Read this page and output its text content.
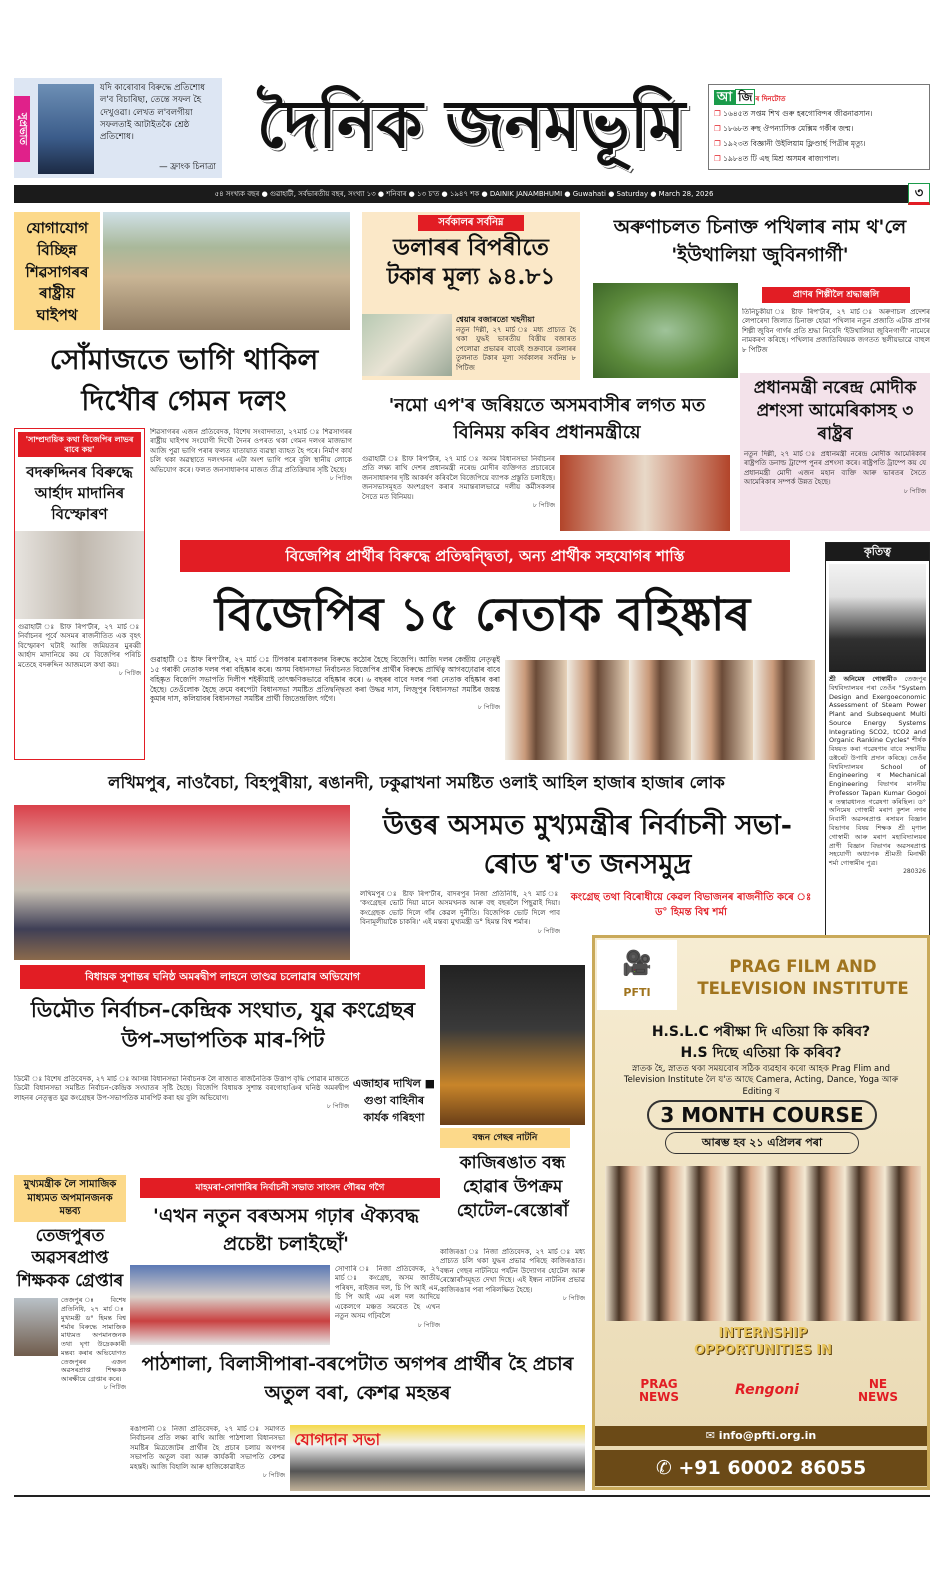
সুপ্ৰভাত
যদি কাৰোবাৰ বিৰুদ্ধে প্ৰতিশোধ ল'ব বিচাৰিছা, তেন্তে সফল হৈ দেখুওৱা। লেখত ল'বলগীয়া সফলতাই আটাইতকৈ শ্ৰেষ্ঠ প্ৰতিশোধ।
— ফ্ৰাংক চিনাত্ৰা
দৈনিক জনমভূমি	আ জি ৰ দিনটোত
❐ ১৬৪৫ত সপ্তম শিখ গুৰু হৰগোবিন্দৰ জীৱনাৱসান।
❐ ১৮৬৮ত ৰুছ ঔপন্যাসিক মেক্সিম গৰ্কীৰ জন্ম।
❐ ১৯২৩ত বিজ্ঞানী উইলিয়াম ফ্লিণ্ডাৰ্ছ পিত্ৰীৰ মৃত্যু।
❐ ১৯৮৪ত টি এছ মিশ্ৰ অসমৰ ৰাজ্যপাল।
৫৪ সংখ্যক বছৰ ● গুৱাহাটী, সৰ্বভাৰতীয় বছৰ, সংখ্যা ১৩ ● শনিবাৰ ● ১৩ চ'ত ● ১৯৪৭ শক ● DAINIK JANAMBHUMI ● Guwahati ● Saturday ● March 28, 2026	৩
যোগাযোগ বিচ্ছিন্ন শিৱসাগৰৰ ৰাষ্ট্ৰীয় ঘাইপথ
সৰ্বকালৰ সৰ্বনিম্ন
ডলাৰৰ বিপৰীতে টকাৰ মূল্য ৯৪.৮১
শ্বেয়াৰ বজাৰতো খহনীয়া
নতুন দিল্লী, ২৭ মাৰ্চ ঃ মধ্য প্ৰাচ্যত হৈ থকা যুদ্ধই ভাৰতীয় বিত্তীয় বজাৰত পেলোৱা প্ৰভাৱৰ বাবেই শুক্ৰবাৰে ডলাৰৰ তুলনাত টকাৰ মূল্য সৰ্বকালৰ সৰ্বনিম্ন ৮ পিটিজ
অৰুণাচলত চিনাক্ত পখিলাৰ নাম থ'লে 'ইউথালিয়া জুবিনগাৰ্গী'
প্ৰাণৰ শিল্পীলৈ শ্ৰদ্ধাঞ্জলি
তিনিচুকীয়া ঃ ষ্টাফ ৰিপ'ৰ্টাৰ, ২৭ মাৰ্চ ঃ অৰুণাচল প্ৰদেশৰ লেপাৰেদা জিলাত চিনাক্ত হোৱা পখিলাৰ নতুন প্ৰজাতি এটাক প্ৰাণৰ শিল্পী জুবিন গাৰ্গৰ প্ৰতি শ্ৰদ্ধা নিবেদি 'ইউথালিয়া জুবিনগাৰ্গী' নামেৰে নামকৰণ কৰিছে। পখিলাৰ প্ৰজাতিবিষয়ক জগতত স্থলীয়ভাৱে বাহুল ৮ পিটিজ
সোঁমাজতে ভাগি থাকিল দিখৌৰ গেমন দলং
শিৱসাগৰৰ এজন প্ৰতিবেদক, বিশেষ সংবাদদাতা, ২৭মাৰ্চ ঃ শিৱসাগৰৰ ৰাষ্ট্ৰীয় ঘাইপথ সংযোগী দিখৌ দৈনৰ ওপৰত থকা গেমন দলংৰ মাজভাগ আজি পুৱা ভাগি পৰাৰ ফলত যাতায়াত ব্যৱস্থা ব্যাহত হৈ পৰে। নিৰ্মাণ কাৰ্য চলি থকা অৱস্থাতে দলংখনৰ এটা অংশ ভাগি পৰে বুলি স্থানীয় লোকে অভিযোগ কৰে। ফলত জনসাধাৰণৰ মাজত তীব্ৰ প্ৰতিক্ৰিয়াৰ সৃষ্টি হৈছে।
৮ পিটিজ
'সাম্প্ৰদায়িক কথা বিজেপিৰ লাভৰ বাবে কয়'
বদৰুদ্দিনৰ বিৰুদ্ধে আৰ্হাদ মাদানিৰ বিস্ফোৰণ
গুৱাহাটী ঃ ষ্টাফ ৰিপ'ৰ্টাৰ, ২৭ মাৰ্চ ঃ নিৰ্বাচনৰ পূৰ্বে অসমৰ ৰাজনীতিত এক বৃহৎ বিস্ফোৰণ ঘটাই আজি জমিয়তৰ মুৰব্বী আৰ্হাদ মাদানিয়ে কয় যে বিজেপিৰ পৰিচি মতেহে বদৰুদ্দিন আজমলে কথা কয়।
৮ পিটিজ
'নমো এপ'ৰ জৰিয়তে অসমবাসীৰ লগত মত বিনিময় কৰিব প্ৰধানমন্ত্ৰীয়ে
গুৱাহাটী ঃ ষ্টাফ ৰিপ'ৰ্টাৰ, ২৭ মাৰ্চ ঃ অসম বিধানসভা নিৰ্বাচনৰ প্ৰতি লক্ষ্য ৰাখি দেশৰ প্ৰধানমন্ত্ৰী নৰেন্দ্ৰ মোদীৰ ব্যক্তিগত প্ৰচাৰেৰে জনসাধাৰণৰ দৃষ্টি আকৰ্ষণ কৰিবলৈ বিজেপিয়ে ব্যাপক প্ৰস্তুতি চলাইছে। জনসভাসমূহত অংশগ্ৰহণ কৰাৰ সমান্তৰালভাৱে দলীয় কৰ্মীসকলৰ সৈতে মত বিনিময়।
৮ পিটিজ
প্ৰধানমন্ত্ৰী নৰেন্দ্ৰ মোদীক প্ৰশংসা আমেৰিকাসহ ৩ ৰাষ্ট্ৰৰ
নতুন দিল্লী, ২৭ মাৰ্চ ঃ প্ৰধানমন্ত্ৰী নৰেন্দ্ৰ মোদীক আমেৰিকাৰ ৰাষ্ট্ৰপতি ডনাল্ড ট্ৰাম্পে পুনৰ প্ৰশংসা কৰে। ৰাষ্ট্ৰপতি ট্ৰাম্পে কয় যে প্ৰধানমন্ত্ৰী মোদী এজন মহান ব্যক্তি আৰু ভাৰতৰ সৈতে আমেৰিকাৰ সম্পৰ্ক উন্নত হৈছে।
৮ পিটিজ
বিজেপিৰ প্ৰাৰ্থীৰ বিৰুদ্ধে প্ৰতিদ্বন্দ্বিতা, অন্য প্ৰাৰ্থীক সহযোগৰ শাস্তি
বিজেপিৰ ১৫ নেতাক বহিষ্কাৰ
গুৱাহাটী ঃ ষ্টাফ ৰিপ'ৰ্টাৰ, ২৭ মাৰ্চ ঃ টিপকাৰ মৰাসকলৰ বিৰুদ্ধে কঠোৰ হৈছে বিজেপি। আজি দলৰ কেন্দ্ৰীয় নেতৃত্বই ১৫ গৰাকী নেতাক দলৰ পৰা বহিষ্কাৰ কৰে। অসম বিধানসভা নিৰ্বাচনত বিজেপিৰ প্ৰাৰ্থীৰ বিৰুদ্ধে প্ৰাৰ্থিত্ব আগবঢ়োৱাৰ বাবে বহিষ্কৃত বিজেপি সভাপতি দিলীপ শইকীয়াই তাৎক্ষণিকভাৱে বহিষ্কাৰ কৰে। ৬ বছৰৰ বাবে দলৰ পৰা নেতাক বহিষ্কাৰ কৰা হৈছে। তেওঁলোক হৈছে ক্ৰমে বৰপেটা বিধানসভা সমষ্টিত প্ৰতিদ্বন্দ্বিতা কৰা উদ্ধৱ দাস, লিজুপুৰ বিধানসভা সমষ্টিৰ জয়ন্ত কুমাৰ দাস, কলিয়াবৰ বিধানসভা সমষ্টিৰ প্ৰাৰ্থী জিতেন্দ্ৰজিৎ গগৈ।
৮ পিটিজ
কৃতিত্ব
শ্ৰী অনিমেষ গোস্বামীক তেজপুৰ বিশ্ববিদ্যালয়ৰ পৰা তেওঁৰ "System Design and Exergoeconomic Assessment of Steam Power Plant and Subsequent Multi Source Energy Systems Integrating SCO2, tCO2 and Organic Rankine Cycles" শীৰ্ষক বিষয়ত কৰা গৱেষণাৰ বাবে সন্মানীয় ডক্টৰেট উপাধি প্ৰদান কৰিছে। তেওঁৰ বিশ্ববিদ্যালয়ৰ School of Engineering ৰ Mechanical Engineering বিভাগৰ মাননীয় Professor Tapan Kumar Gogoi ৰ তত্বাৱধানত গৱেষণা কৰিছিল। ড° অনিমেষ গোস্বামী মৰাণ কুশল নগৰ নিবাসী অৱসৰপ্ৰাপ্ত ৰসায়ন বিজ্ঞান বিভাগৰ বিষয় শিক্ষক শ্ৰী মৃণাল গোস্বামী আৰু মৰাণ মহাবিদ্যালয়ৰ প্ৰাণী বিজ্ঞান বিভাগৰ অৱসৰপ্ৰাপ্ত সহযোগী অধ্যাপক শ্ৰীমতী মিনাক্ষী শৰ্মা গোস্বামীৰ পুত্ৰ।
280326
লখিমপুৰ, নাওবৈচা, বিহপুৰীয়া, ৰঙানদী, ঢকুৱাখনা সমষ্টিত ওলাই আহিল হাজাৰ হাজাৰ লোক
উত্তৰ অসমত মুখ্যমন্ত্ৰীৰ নিৰ্বাচনী সভা-ৰোড শ্ব'ত জনসমুদ্ৰ
লখিমপুৰ ঃ ষ্টাফ ৰিপ'ৰ্টাৰ, বাদৰপুৰ নিজা প্ৰতিনিধি, ২৭ মাৰ্চ ঃ 'কংগ্ৰেছৰ ভোট দিয়া মানে অসমখনক আৰু বহু বছৰলৈ পিছুৱাই দিয়া। কংগ্ৰেছক ভোট দিলে গাঁৰ কেৱল দুৰ্নীতি। বিজেপিক ভোট দিলে পাব বিনামূলীয়াকৈ চাকৰি।' এই মন্তব্য মুখ্যমন্ত্ৰী ড° হিমন্ত বিশ্ব শৰ্মাৰ।
৮ পিটিজ
কংগ্ৰেছ তথা বিৰোধীয়ে কেৱল বিভাজনৰ ৰাজনীতি কৰে ঃ ড° হিমন্ত বিশ্ব শৰ্মা
বিধায়ক সুশান্তৰ ঘনিষ্ঠ অমৰদ্বীপ লাহনে তাণ্ডৱ চলোৱাৰ অভিযোগ
ডিমৌত নিৰ্বাচন-কেন্দ্ৰিক সংঘাত, যুৱ কংগ্ৰেছৰ উপ-সভাপতিক মাৰ-পিট
ডিমৌ ঃ বিশেষ প্ৰতিবেদক, ২৭ মাৰ্চ ঃ আসন্ন বিধানসভা নিৰ্বাচনক লৈ ৰাজ্যত ৰাজনৈতিক উত্তাপ বৃদ্ধি পোৱাৰ মাজতে ডিমৌ বিধানসভা সমষ্টিত নিৰ্বাচন-কেন্দ্ৰিক সংঘাতৰ সৃষ্টি হৈছে। বিজেপি বিধায়ক সুশান্ত বৰগোহাঞিৰ ঘনিষ্ঠ অমৰদ্বীপ লাহনৰ নেতৃত্বত যুৱ কংগ্ৰেছৰ উপ-সভাপতিক মাৰপিট কৰা হয় বুলি অভিযোগ।
৮ পিটিজ
এজাহাৰ দাখিল ■ গুণ্ডা বাহিনীৰ কাৰ্যক গৰিহণা
বন্ধন গেছৰ নাটনি
কাজিৰঙাত বন্ধ হোৱাৰ উপক্ৰম হোটেল-ৰেস্তোৰাঁ
কাজিৰঙা ঃ নিজা প্ৰতিবেদক, ২৭ মাৰ্চ ঃ মধ্য প্ৰাচ্যত চলি থকা যুদ্ধৰ প্ৰভাৱ পৰিছে কাজিৰঙাত। বন্ধন গেছৰ নাটনিয়ে পৰ্যটন উদ্যোগৰ হোটেল আৰু ৰেস্তোৰাঁসমূহত দেখা দিছে। এই ইন্ধন নাটনিৰ প্ৰভাৱ কাজিৰঙাৰ পৰা পৰিলক্ষিত হৈছে।
৮ পিটিজ
মুখ্যমন্ত্ৰীক লৈ সামাজিক মাধ্যমত অপমানজনক মন্তব্য
তেজপুৰত অৱসৰপ্ৰাপ্ত শিক্ষকক গ্ৰেপ্তাৰ
তেজপুৰ ঃ বিশেষ প্ৰতিনিধি, ২৭ মাৰ্চ ঃ মুখ্যমন্ত্ৰী ড° হিমন্ত বিশ্ব শৰ্মাৰ বিৰুদ্ধে সামাজিক মাধ্যমত অপমানজনক তথা ঘৃণা উদ্ৰেককাৰী মন্তব্য কৰাৰ অভিযোগত তেজপুৰৰ এজন অৱসৰপ্ৰাপ্ত শিক্ষকক আৰক্ষীয়ে গ্ৰেপ্তাৰ কৰে।
৮ পিটিজ
মাহমৰা-সোণাৰিৰ নিৰ্বাচনী সভাত সাংসদ গৌৰৱ গগৈ
'এখন নতুন বৰঅসম গঢ়াৰ ঐক্যবদ্ধ প্ৰচেষ্টা চলাইছোঁ'
সোণাৰি ঃ নিজা প্ৰতিবেদক, ২৭ মাৰ্চ ঃ কংগ্ৰেছ, অসম জাতীয় পৰিষদ, ৰাইজৰ দল, চি পি আই এম, চি পি আই এম এল দল আদিয়ে একেলগে মঞ্চত সমবেত হৈ এখন নতুন অসম গঢ়িবলৈ
৮ পিটিজ
পাঠশালা, বিলাসীপাৰা-বৰপেটাত অগপৰ প্ৰাৰ্থীৰ হৈ প্ৰচাৰ অতুল বৰা, কেশৱ মহন্তৰ
ৰঙাপানী ঃ নিজা প্ৰতিবেদক, ২৭ মাৰ্চ ঃ সমাগত নিৰ্বাচনৰ প্ৰতি লক্ষ্য ৰাখি আজি পাঠশালা বিধানসভা সমষ্টিৰ মিত্ৰজোটৰ প্ৰাৰ্থীৰ হৈ প্ৰচাৰ চলায় অগপৰ সভাপতি অতুল বৰা আৰু কাৰ্যকৰী সভাপতি কেশৱ মহন্তই। আজি বিহালি আৰু হাজিকোৱাইত
৮ পিটিজ
যোগদান সভা
🎥
PFTI
PRAG FILM AND TELEVISION INSTITUTE
H.S.L.C পৰীক্ষা দি এতিয়া কি কৰিব?
H.S দিছে এতিয়া কি কৰিব?
স্নাতক হৈ, স্নাতত থকা সময়বোৰ সঠিক ব্যৱহাৰ কৰো আহক Prag Flim and Television Institute লৈ য'ত আছে Camera, Acting, Dance, Yoga আৰু Editing ৰ
3 MONTH COURSE
আৰম্ভ হব ২১ এপ্ৰিলৰ পৰা
INTERNSHIP OPPORTUNITIES IN
PRAG NEWS	Rengoni	NE NEWS
✉ info@pfti.org.in
✆ +91 60002 86055
